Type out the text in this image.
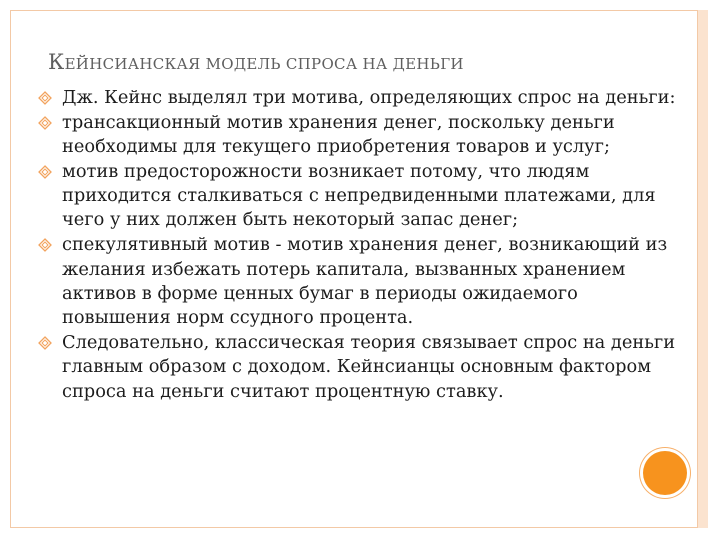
КЕЙНСИАНСКАЯ МОДЕЛЬ СПРОСА НА ДЕНЬГИ
Дж. Кейнс выделял три мотива, определяющих спрос на деньги:
трансакционный мотив хранения денег, поскольку деньги необходимы для текущего приобретения товаров и услуг;
мотив предосторожности возникает потому, что людям приходится сталкиваться с непредвиденными платежами, для чего у них должен быть некоторый запас денег;
спекулятивный мотив - мотив хранения денег, возникающий из желания избежать потерь капитала, вызванных хранением активов в форме ценных бумаг в периоды ожидаемого повышения норм ссудного процента.
Следовательно, классическая теория связывает спрос на деньги главным образом с доходом. Кейнсианцы основным фактором спроса на деньги считают процентную ставку.
